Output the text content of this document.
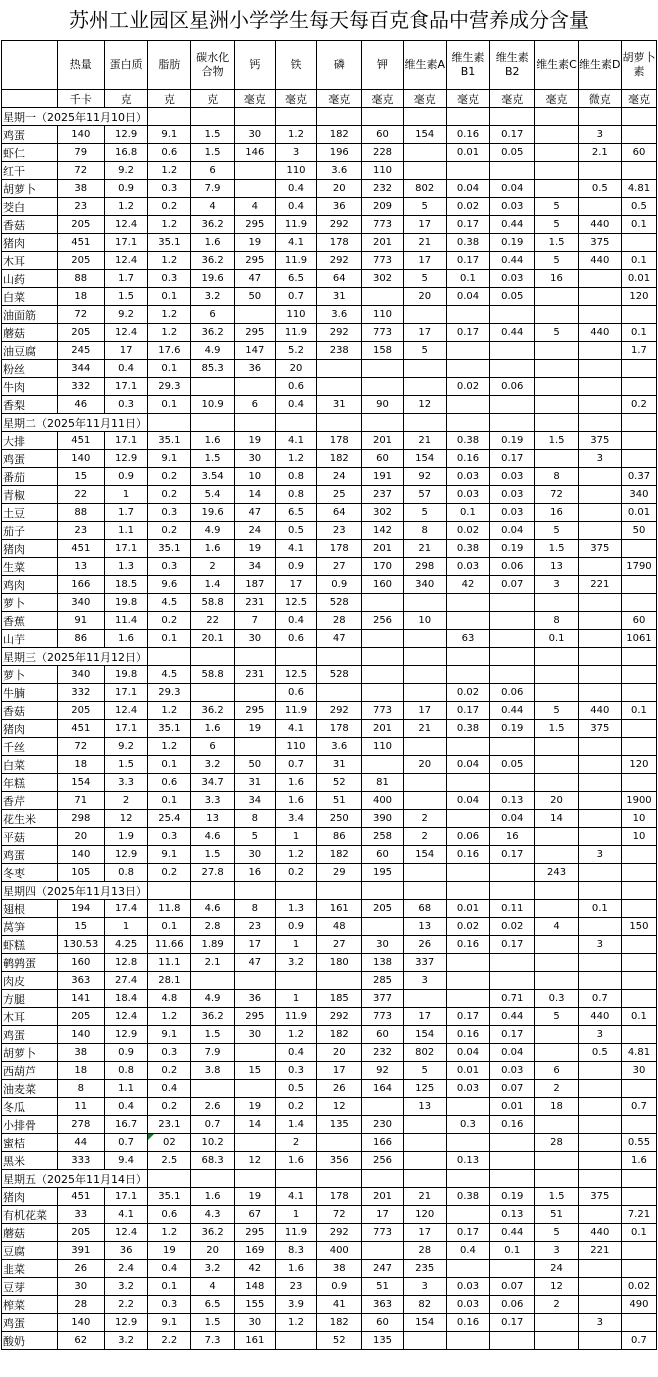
苏州工业园区星洲小学学生每天每百克食品中营养成分含量
	热量	蛋白质	脂肪	碳水化合物	钙	铁	磷	钾	维生素A	维生素B1	维生素B2	维生素C	维生素D	胡萝卜素
	千卡	克	克	克	毫克	毫克	毫克	毫克	毫克	毫克	毫克	毫克	微克	毫克
星期一（2025年11月10日）														
鸡蛋	140	12.9	9.1	1.5	30	1.2	182	60	154	0.16	0.17		3	
虾仁	79	16.8	0.6	1.5	146	3	196	228		0.01	0.05		2.1	60
红干	72	9.2	1.2	6		110	3.6	110						
胡萝卜	38	0.9	0.3	7.9		0.4	20	232	802	0.04	0.04		0.5	4.81
茭白	23	1.2	0.2	4	4	0.4	36	209	5	0.02	0.03	5		0.5
香菇	205	12.4	1.2	36.2	295	11.9	292	773	17	0.17	0.44	5	440	0.1
猪肉	451	17.1	35.1	1.6	19	4.1	178	201	21	0.38	0.19	1.5	375	
木耳	205	12.4	1.2	36.2	295	11.9	292	773	17	0.17	0.44	5	440	0.1
山药	88	1.7	0.3	19.6	47	6.5	64	302	5	0.1	0.03	16		0.01
白菜	18	1.5	0.1	3.2	50	0.7	31		20	0.04	0.05			120
油面筋	72	9.2	1.2	6		110	3.6	110						
蘑菇	205	12.4	1.2	36.2	295	11.9	292	773	17	0.17	0.44	5	440	0.1
油豆腐	245	17	17.6	4.9	147	5.2	238	158	5					1.7
粉丝	344	0.4	0.1	85.3	36	20								
牛肉	332	17.1	29.3			0.6				0.02	0.06			
香梨	46	0.3	0.1	10.9	6	0.4	31	90	12					0.2
星期二（2025年11月11日）														
大排	451	17.1	35.1	1.6	19	4.1	178	201	21	0.38	0.19	1.5	375	
鸡蛋	140	12.9	9.1	1.5	30	1.2	182	60	154	0.16	0.17		3	
番茄	15	0.9	0.2	3.54	10	0.8	24	191	92	0.03	0.03	8		0.37
青椒	22	1	0.2	5.4	14	0.8	25	237	57	0.03	0.03	72		340
土豆	88	1.7	0.3	19.6	47	6.5	64	302	5	0.1	0.03	16		0.01
茄子	23	1.1	0.2	4.9	24	0.5	23	142	8	0.02	0.04	5		50
猪肉	451	17.1	35.1	1.6	19	4.1	178	201	21	0.38	0.19	1.5	375	
生菜	13	1.3	0.3	2	34	0.9	27	170	298	0.03	0.06	13		1790
鸡肉	166	18.5	9.6	1.4	187	17	0.9	160	340	42	0.07	3	221	
萝卜	340	19.8	4.5	58.8	231	12.5	528							
香蕉	91	11.4	0.2	22	7	0.4	28	256	10			8		60
山芋	86	1.6	0.1	20.1	30	0.6	47			63		0.1		1061
星期三（2025年11月12日）														
萝卜	340	19.8	4.5	58.8	231	12.5	528							
牛腩	332	17.1	29.3			0.6				0.02	0.06			
香菇	205	12.4	1.2	36.2	295	11.9	292	773	17	0.17	0.44	5	440	0.1
猪肉	451	17.1	35.1	1.6	19	4.1	178	201	21	0.38	0.19	1.5	375	
千丝	72	9.2	1.2	6		110	3.6	110						
白菜	18	1.5	0.1	3.2	50	0.7	31		20	0.04	0.05			120
年糕	154	3.3	0.6	34.7	31	1.6	52	81						
香芹	71	2	0.1	3.3	34	1.6	51	400		0.04	0.13	20		1900
花生米	298	12	25.4	13	8	3.4	250	390	2		0.04	14		10
平菇	20	1.9	0.3	4.6	5	1	86	258	2	0.06	16			10
鸡蛋	140	12.9	9.1	1.5	30	1.2	182	60	154	0.16	0.17		3	
冬枣	105	0.8	0.2	27.8	16	0.2	29	195				243		
星期四（2025年11月13日）														
翅根	194	17.4	11.8	4.6	8	1.3	161	205	68	0.01	0.11		0.1	
莴笋	15	1	0.1	2.8	23	0.9	48		13	0.02	0.02	4		150
虾糕	130.53	4.25	11.66	1.89	17	1	27	30	26	0.16	0.17		3	
鹌鹑蛋	160	12.8	11.1	2.1	47	3.2	180	138	337					
肉皮	363	27.4	28.1					285	3					
方腿	141	18.4	4.8	4.9	36	1	185	377			0.71	0.3	0.7	
木耳	205	12.4	1.2	36.2	295	11.9	292	773	17	0.17	0.44	5	440	0.1
鸡蛋	140	12.9	9.1	1.5	30	1.2	182	60	154	0.16	0.17		3	
胡萝卜	38	0.9	0.3	7.9		0.4	20	232	802	0.04	0.04		0.5	4.81
西葫芦	18	0.8	0.2	3.8	15	0.3	17	92	5	0.01	0.03	6		30
油麦菜	8	1.1	0.4			0.5	26	164	125	0.03	0.07	2		
冬瓜	11	0.4	0.2	2.6	19	0.2	12		13		0.01	18		0.7
小排骨	278	16.7	23.1	0.7	14	1.4	135	230		0.3	0.16			
蜜桔	44	0.7	02	10.2		2		166				28		0.55
黑米	333	9.4	2.5	68.3	12	1.6	356	256		0.13				1.6
星期五（2025年11月14日）														
猪肉	451	17.1	35.1	1.6	19	4.1	178	201	21	0.38	0.19	1.5	375	
有机花菜	33	4.1	0.6	4.3	67	1	72	17	120		0.13	51		7.21
蘑菇	205	12.4	1.2	36.2	295	11.9	292	773	17	0.17	0.44	5	440	0.1
豆腐	391	36	19	20	169	8.3	400		28	0.4	0.1	3	221	
韭菜	26	2.4	0.4	3.2	42	1.6	38	247	235			24		
豆芽	30	3.2	0.1	4	148	23	0.9	51	3	0.03	0.07	12		0.02
榨菜	28	2.2	0.3	6.5	155	3.9	41	363	82	0.03	0.06	2		490
鸡蛋	140	12.9	9.1	1.5	30	1.2	182	60	154	0.16	0.17		3	
酸奶	62	3.2	2.2	7.3	161		52	135						0.7
